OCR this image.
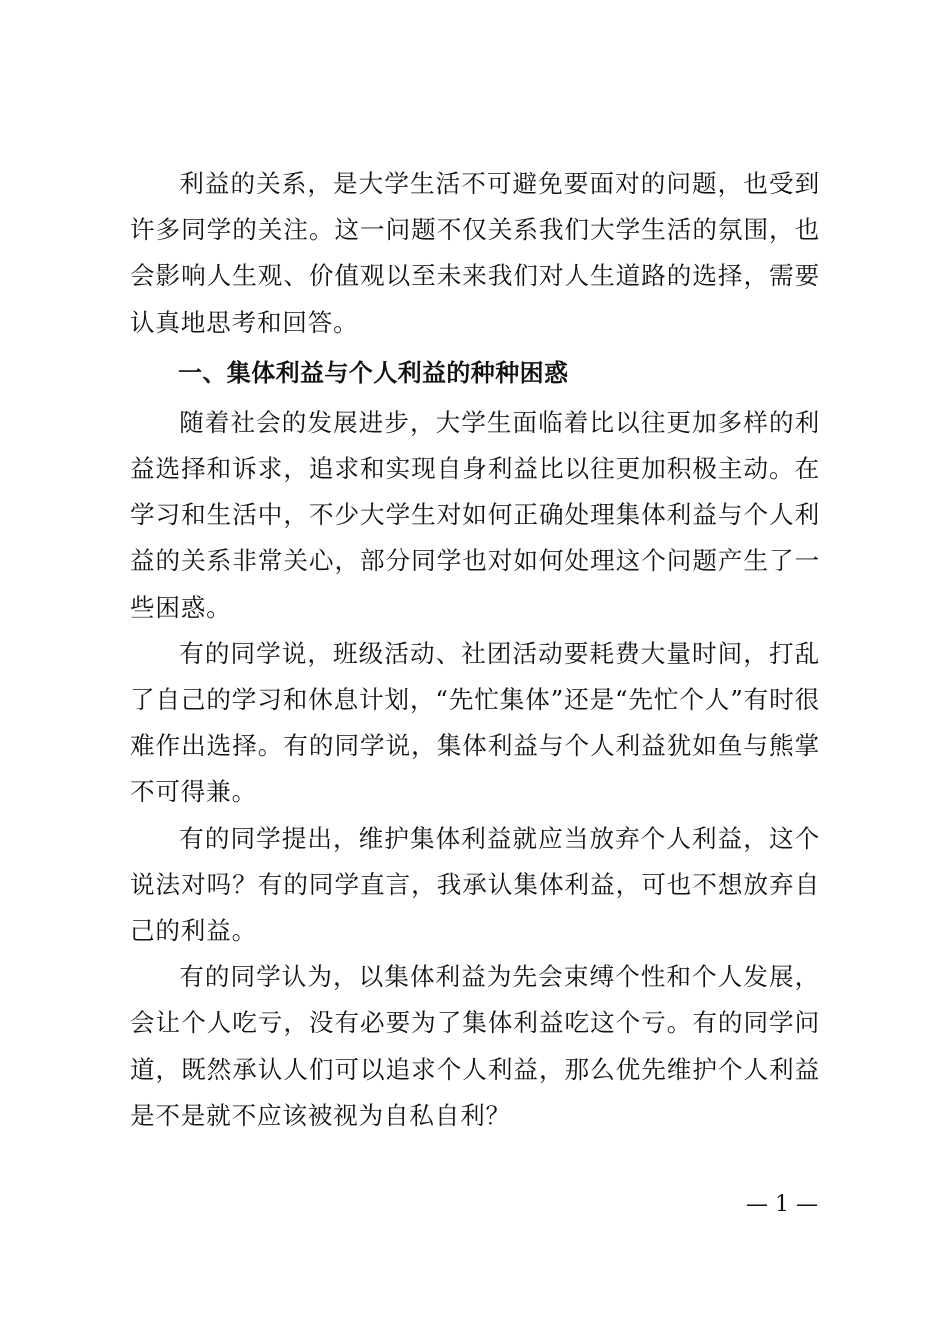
利益的关系，是大学生活不可避免要面对的问题，也受到许多同学的关注。这一问题不仅关系我们大学生活的氛围，也会影响人生观、价值观以至未来我们对人生道路的选择，需要认真地思考和回答。

一、集体利益与个人利益的种种困惑

随着社会的发展进步，大学生面临着比以往更加多样的利益选择和诉求，追求和实现自身利益比以往更加积极主动。在学习和生活中，不少大学生对如何正确处理集体利益与个人利益的关系非常关心，部分同学也对如何处理这个问题产生了一些困惑。

有的同学说，班级活动、社团活动要耗费大量时间，打乱了自己的学习和休息计划，“先忙集体”还是“先忙个人”有时很难作出选择。有的同学说，集体利益与个人利益犹如鱼与熊掌不可得兼。

有的同学提出，维护集体利益就应当放弃个人利益，这个说法对吗？有的同学直言，我承认集体利益，可也不想放弃自己的利益。

有的同学认为，以集体利益为先会束缚个性和个人发展，会让个人吃亏，没有必要为了集体利益吃这个亏。有的同学问道，既然承认人们可以追求个人利益，那么优先维护个人利益是不是就不应该被视为自私自利？

— 1 —
